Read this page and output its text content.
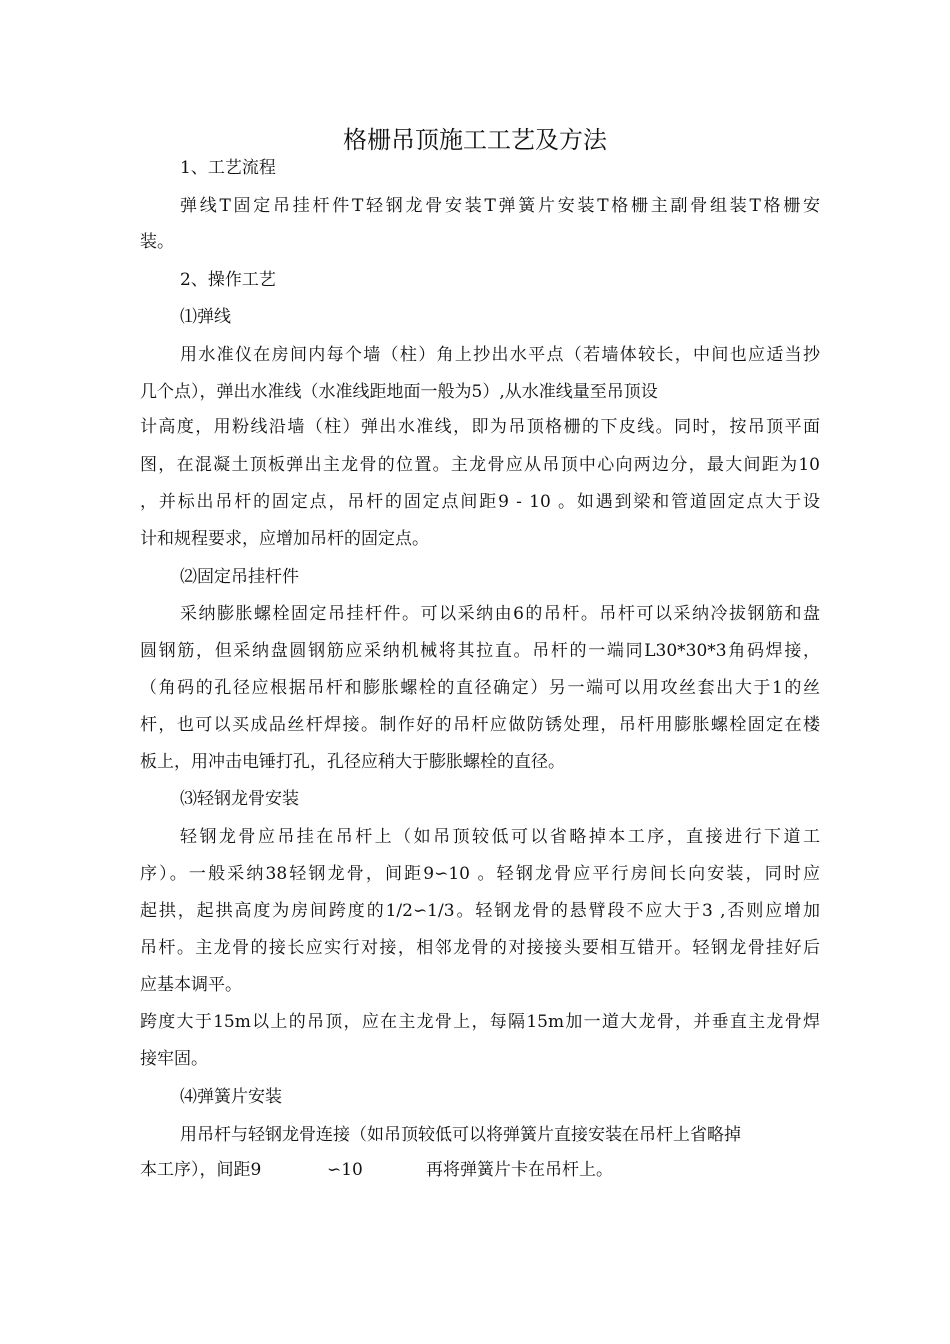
格栅吊顶施工工艺及方法
1、工艺流程
弹线T固定吊挂杆件T轻钢龙骨安装T弹簧片安装T格栅主副骨组装T格栅安
装。
2、操作工艺
⑴弹线
用水准仪在房间内每个墙（柱）角上抄出水平点（若墙体较长，中间也应适当抄
几个点），弹出水准线（水准线距地面一般为5）,从水准线量至吊顶设
计高度，用粉线沿墙（柱）弹出水准线，即为吊顶格栅的下皮线。同时，按吊顶平面
图，在混凝土顶板弹出主龙骨的位置。主龙骨应从吊顶中心向两边分，最大间距为10
，并标出吊杆的固定点，吊杆的固定点间距9 - 10 。如遇到梁和管道固定点大于设
计和规程要求，应增加吊杆的固定点。
⑵固定吊挂杆件
采纳膨胀螺栓固定吊挂杆件。可以采纳由6的吊杆。吊杆可以采纳冷拔钢筋和盘
圆钢筋，但采纳盘圆钢筋应采纳机械将其拉直。吊杆的一端同L30*30*3角码焊接，
（角码的孔径应根据吊杆和膨胀螺栓的直径确定）另一端可以用攻丝套出大于1的丝
杆，也可以买成品丝杆焊接。制作好的吊杆应做防锈处理，吊杆用膨胀螺栓固定在楼
板上，用冲击电锤打孔，孔径应稍大于膨胀螺栓的直径。
⑶轻钢龙骨安装
轻钢龙骨应吊挂在吊杆上（如吊顶较低可以省略掉本工序，直接进行下道工
序）。一般采纳38轻钢龙骨，间距9∽10 。轻钢龙骨应平行房间长向安装，同时应
起拱，起拱高度为房间跨度的1/2∽1/3。轻钢龙骨的悬臂段不应大于3 ,否则应增加
吊杆。主龙骨的接长应实行对接，相邻龙骨的对接接头要相互错开。轻钢龙骨挂好后
应基本调平。
跨度大于15m以上的吊顶，应在主龙骨上，每隔15m加一道大龙骨，并垂直主龙骨焊
接牢固。
⑷弹簧片安装
用吊杆与轻钢龙骨连接（如吊顶较低可以将弹簧片直接安装在吊杆上省略掉
本工序），间距9	∽10	再将弹簧片卡在吊杆上。
